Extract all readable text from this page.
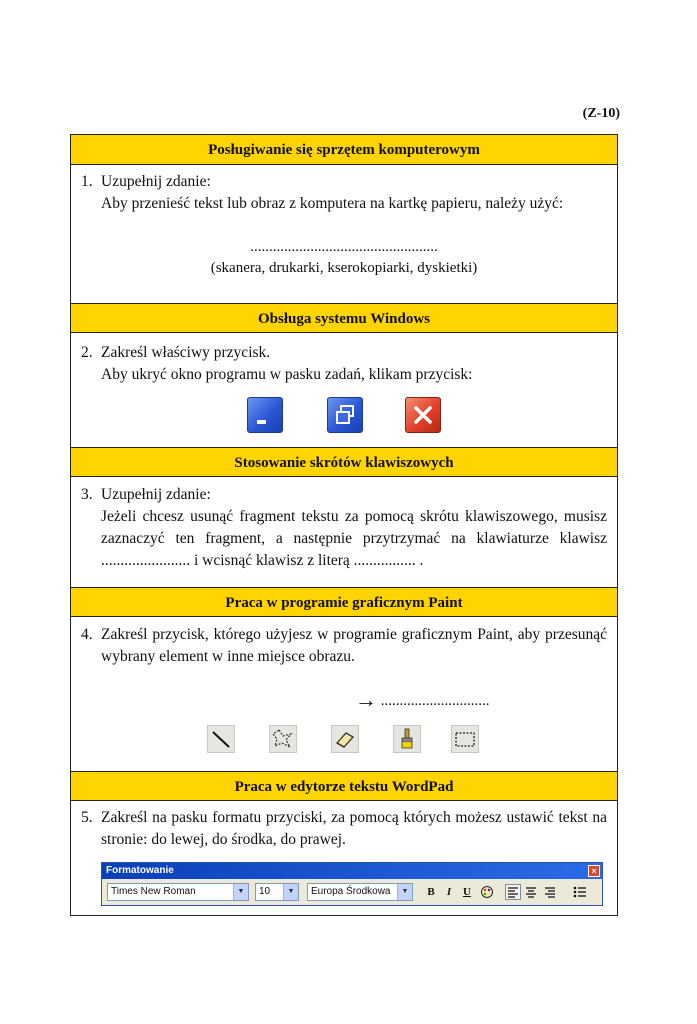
(Z-10)
Posługiwanie się sprzętem komputerowym
1. Uzupełnij zdanie:
Aby przenieść tekst lub obraz z komputera na kartkę papieru, należy użyć:
..................................................
(skanera, drukarki, kserokopiarki, dyskietki)
Obsługa systemu Windows
2. Zakreśl właściwy przycisk.
Aby ukryć okno programu w pasku zadań, klikam przycisk:
Stosowanie skrótów klawiszowych
3. Uzupełnij zdanie:
Jeżeli chcesz usunąć fragment tekstu za pomocą skrótu klawiszowego, musisz zaznaczyć ten fragment, a następnie przytrzymać na klawiaturze klawisz ....................... i wcisnąć klawisz z literą ................ .
Praca w programie graficznym Paint
4. Zakreśl przycisk, którego użyjesz w programie graficznym Paint, aby przesunąć wybrany element w inne miejsce obrazu.
→ .............................
Praca w edytorze tekstu WordPad
5. Zakreśl na pasku formatu przyciski, za pomocą których możesz ustawić tekst na stronie: do lewej, do środka, do prawej.
Formatowanie	×
Times New Roman	▼	10	▼	Europa Środkowa	▼	B	I	U
